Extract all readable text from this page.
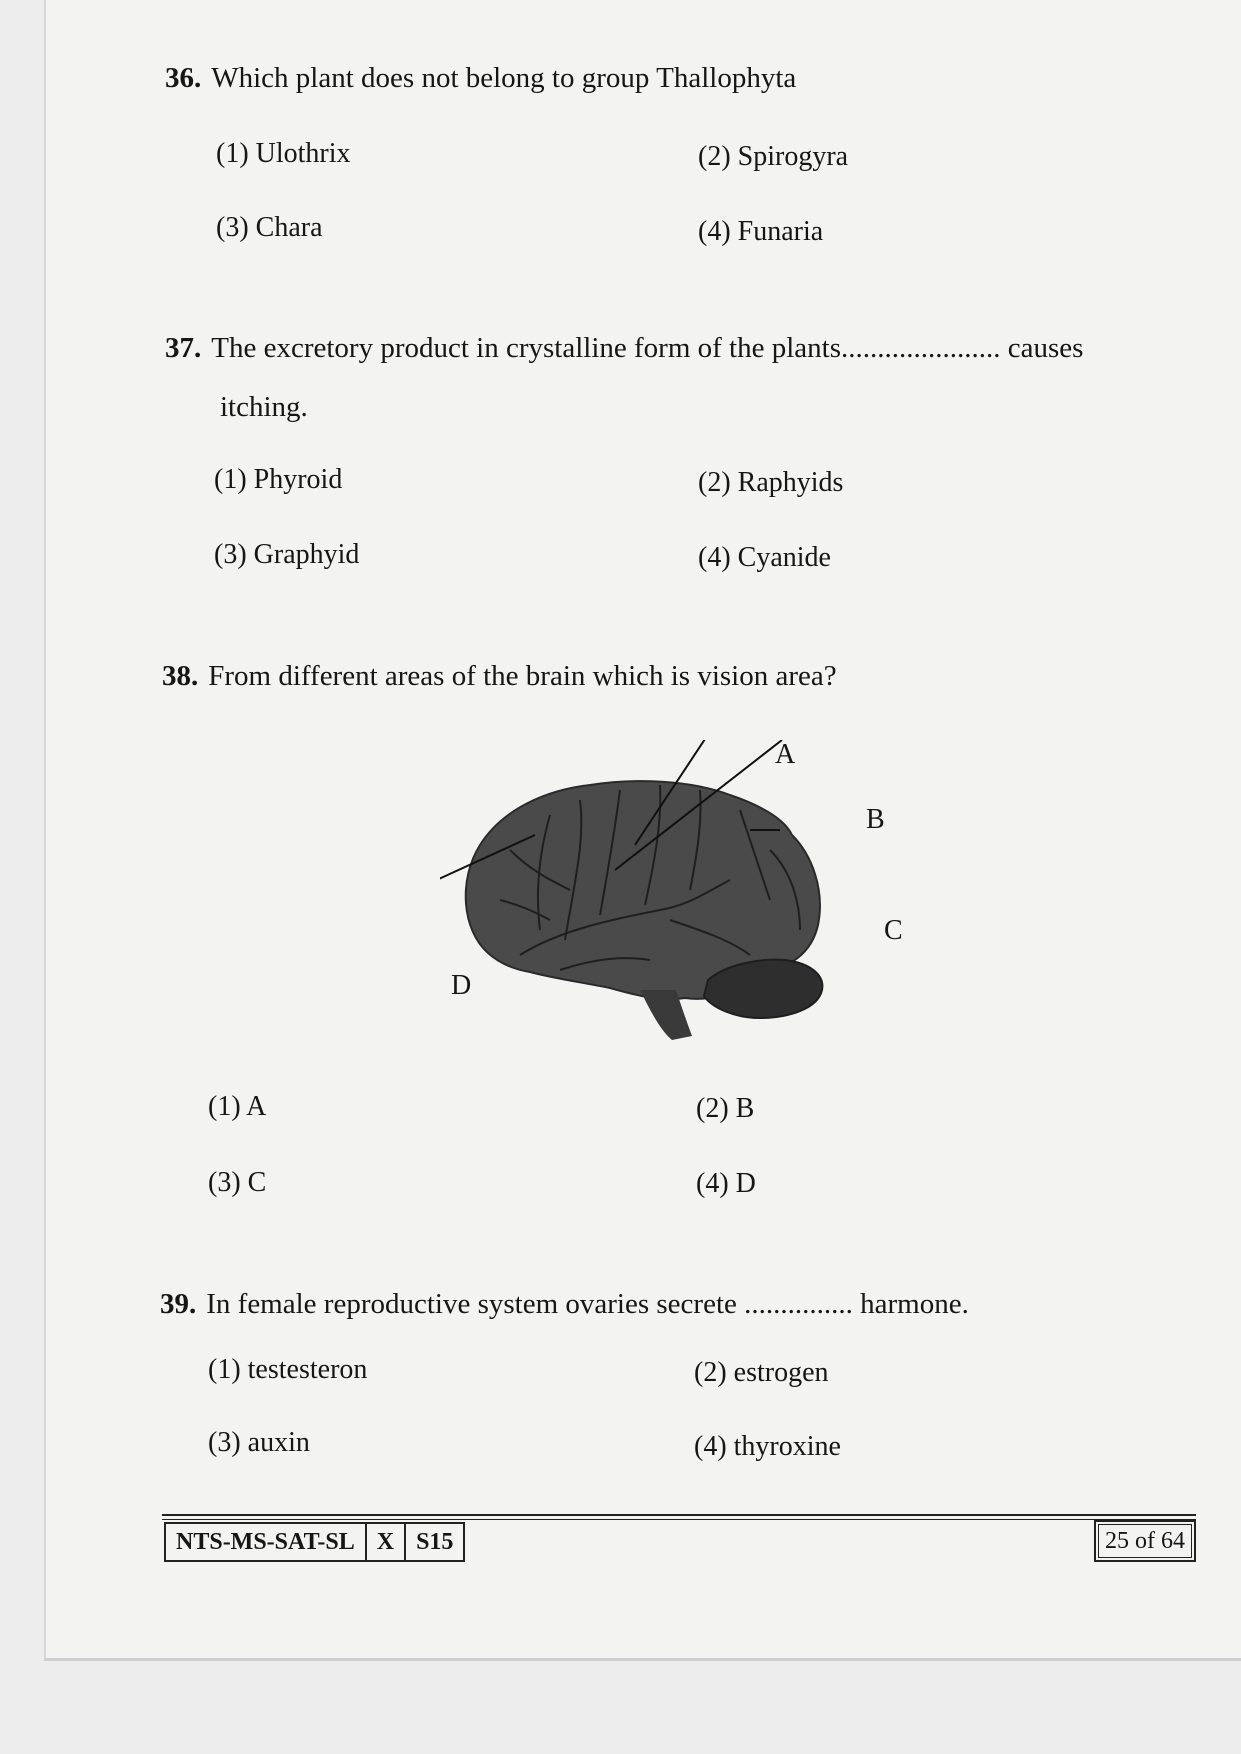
36. Which plant does not belong to group Thallophyta
(1) Ulothrix	(2) Spirogyra
(3) Chara	(4) Funaria
37. The excretory product in crystalline form of the plants...................... causes
itching.
(1) Phyroid	(2) Raphyids
(3) Graphyid	(4) Cyanide
38. From different areas of the brain which is vision area?
A
B
C
D
(1) A	(2) B
(3) C	(4) D
39. In female reproductive system ovaries secrete ............... harmone.
(1) testesteron	(2) estrogen
(3) auxin	(4) thyroxine
NTS-MS-SAT-SL X S15	25 of 64
